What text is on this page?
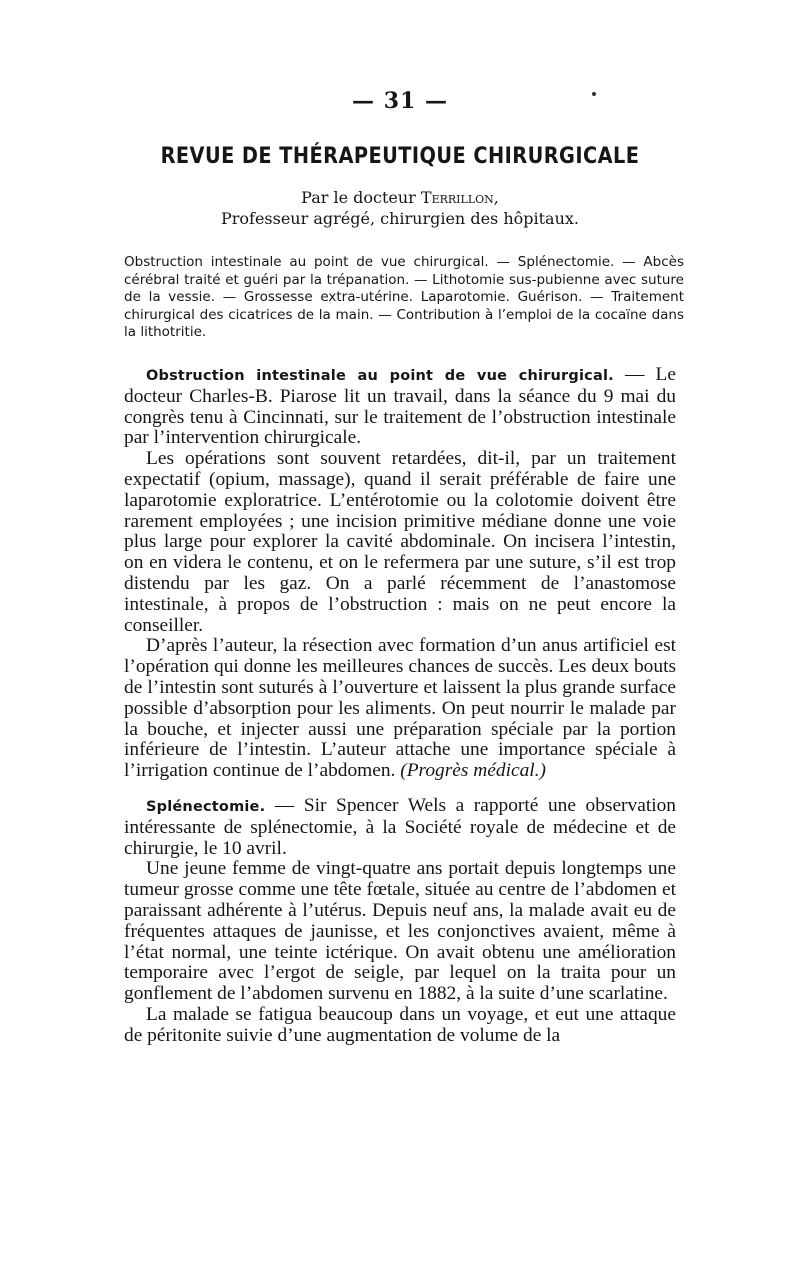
— 31 —
REVUE DE THÉRAPEUTIQUE CHIRURGICALE
Par le docteur Terrillon,
Professeur agrégé, chirurgien des hôpitaux.
Obstruction intestinale au point de vue chirurgical. — Splénectomie. — Abcès cérébral traité et guéri par la trépanation. — Lithotomie sus-pubienne avec suture de la vessie. — Grossesse extra-utérine. Laparotomie. Guérison. — Traitement chirurgical des cicatrices de la main. — Contribution à l’emploi de la cocaïne dans la lithotritie.

Obstruction intestinale au point de vue chirurgical. — Le docteur Charles-B. Piarose lit un travail, dans la séance du 9 mai du congrès tenu à Cincinnati, sur le traitement de l’obstruction intestinale par l’intervention chirurgicale.

Les opérations sont souvent retardées, dit-il, par un traitement expectatif (opium, massage), quand il serait préférable de faire une laparotomie exploratrice. L’entérotomie ou la colotomie doivent être rarement employées ; une incision primitive médiane donne une voie plus large pour explorer la cavité abdominale. On incisera l’intestin, on en videra le contenu, et on le refermera par une suture, s’il est trop distendu par les gaz. On a parlé récemment de l’anastomose intestinale, à propos de l’obstruction : mais on ne peut encore la conseiller.

D’après l’auteur, la résection avec formation d’un anus artificiel est l’opération qui donne les meilleures chances de succès. Les deux bouts de l’intestin sont suturés à l’ouverture et laissent la plus grande surface possible d’absorption pour les aliments. On peut nourrir le malade par la bouche, et injecter aussi une préparation spéciale par la portion inférieure de l’intestin. L’auteur attache une importance spéciale à l’irrigation continue de l’abdomen. (Progrès médical.)

Splénectomie. — Sir Spencer Wels a rapporté une observation intéressante de splénectomie, à la Société royale de médecine et de chirurgie, le 10 avril.

Une jeune femme de vingt-quatre ans portait depuis longtemps une tumeur grosse comme une tête fœtale, située au centre de l’abdomen et paraissant adhérente à l’utérus. Depuis neuf ans, la malade avait eu de fréquentes attaques de jaunisse, et les conjonctives avaient, même à l’état normal, une teinte ictérique. On avait obtenu une amélioration temporaire avec l’ergot de seigle, par lequel on la traita pour un gonflement de l’abdomen survenu en 1882, à la suite d’une scarlatine.

La malade se fatigua beaucoup dans un voyage, et eut une attaque de péritonite suivie d’une augmentation de volume de la
